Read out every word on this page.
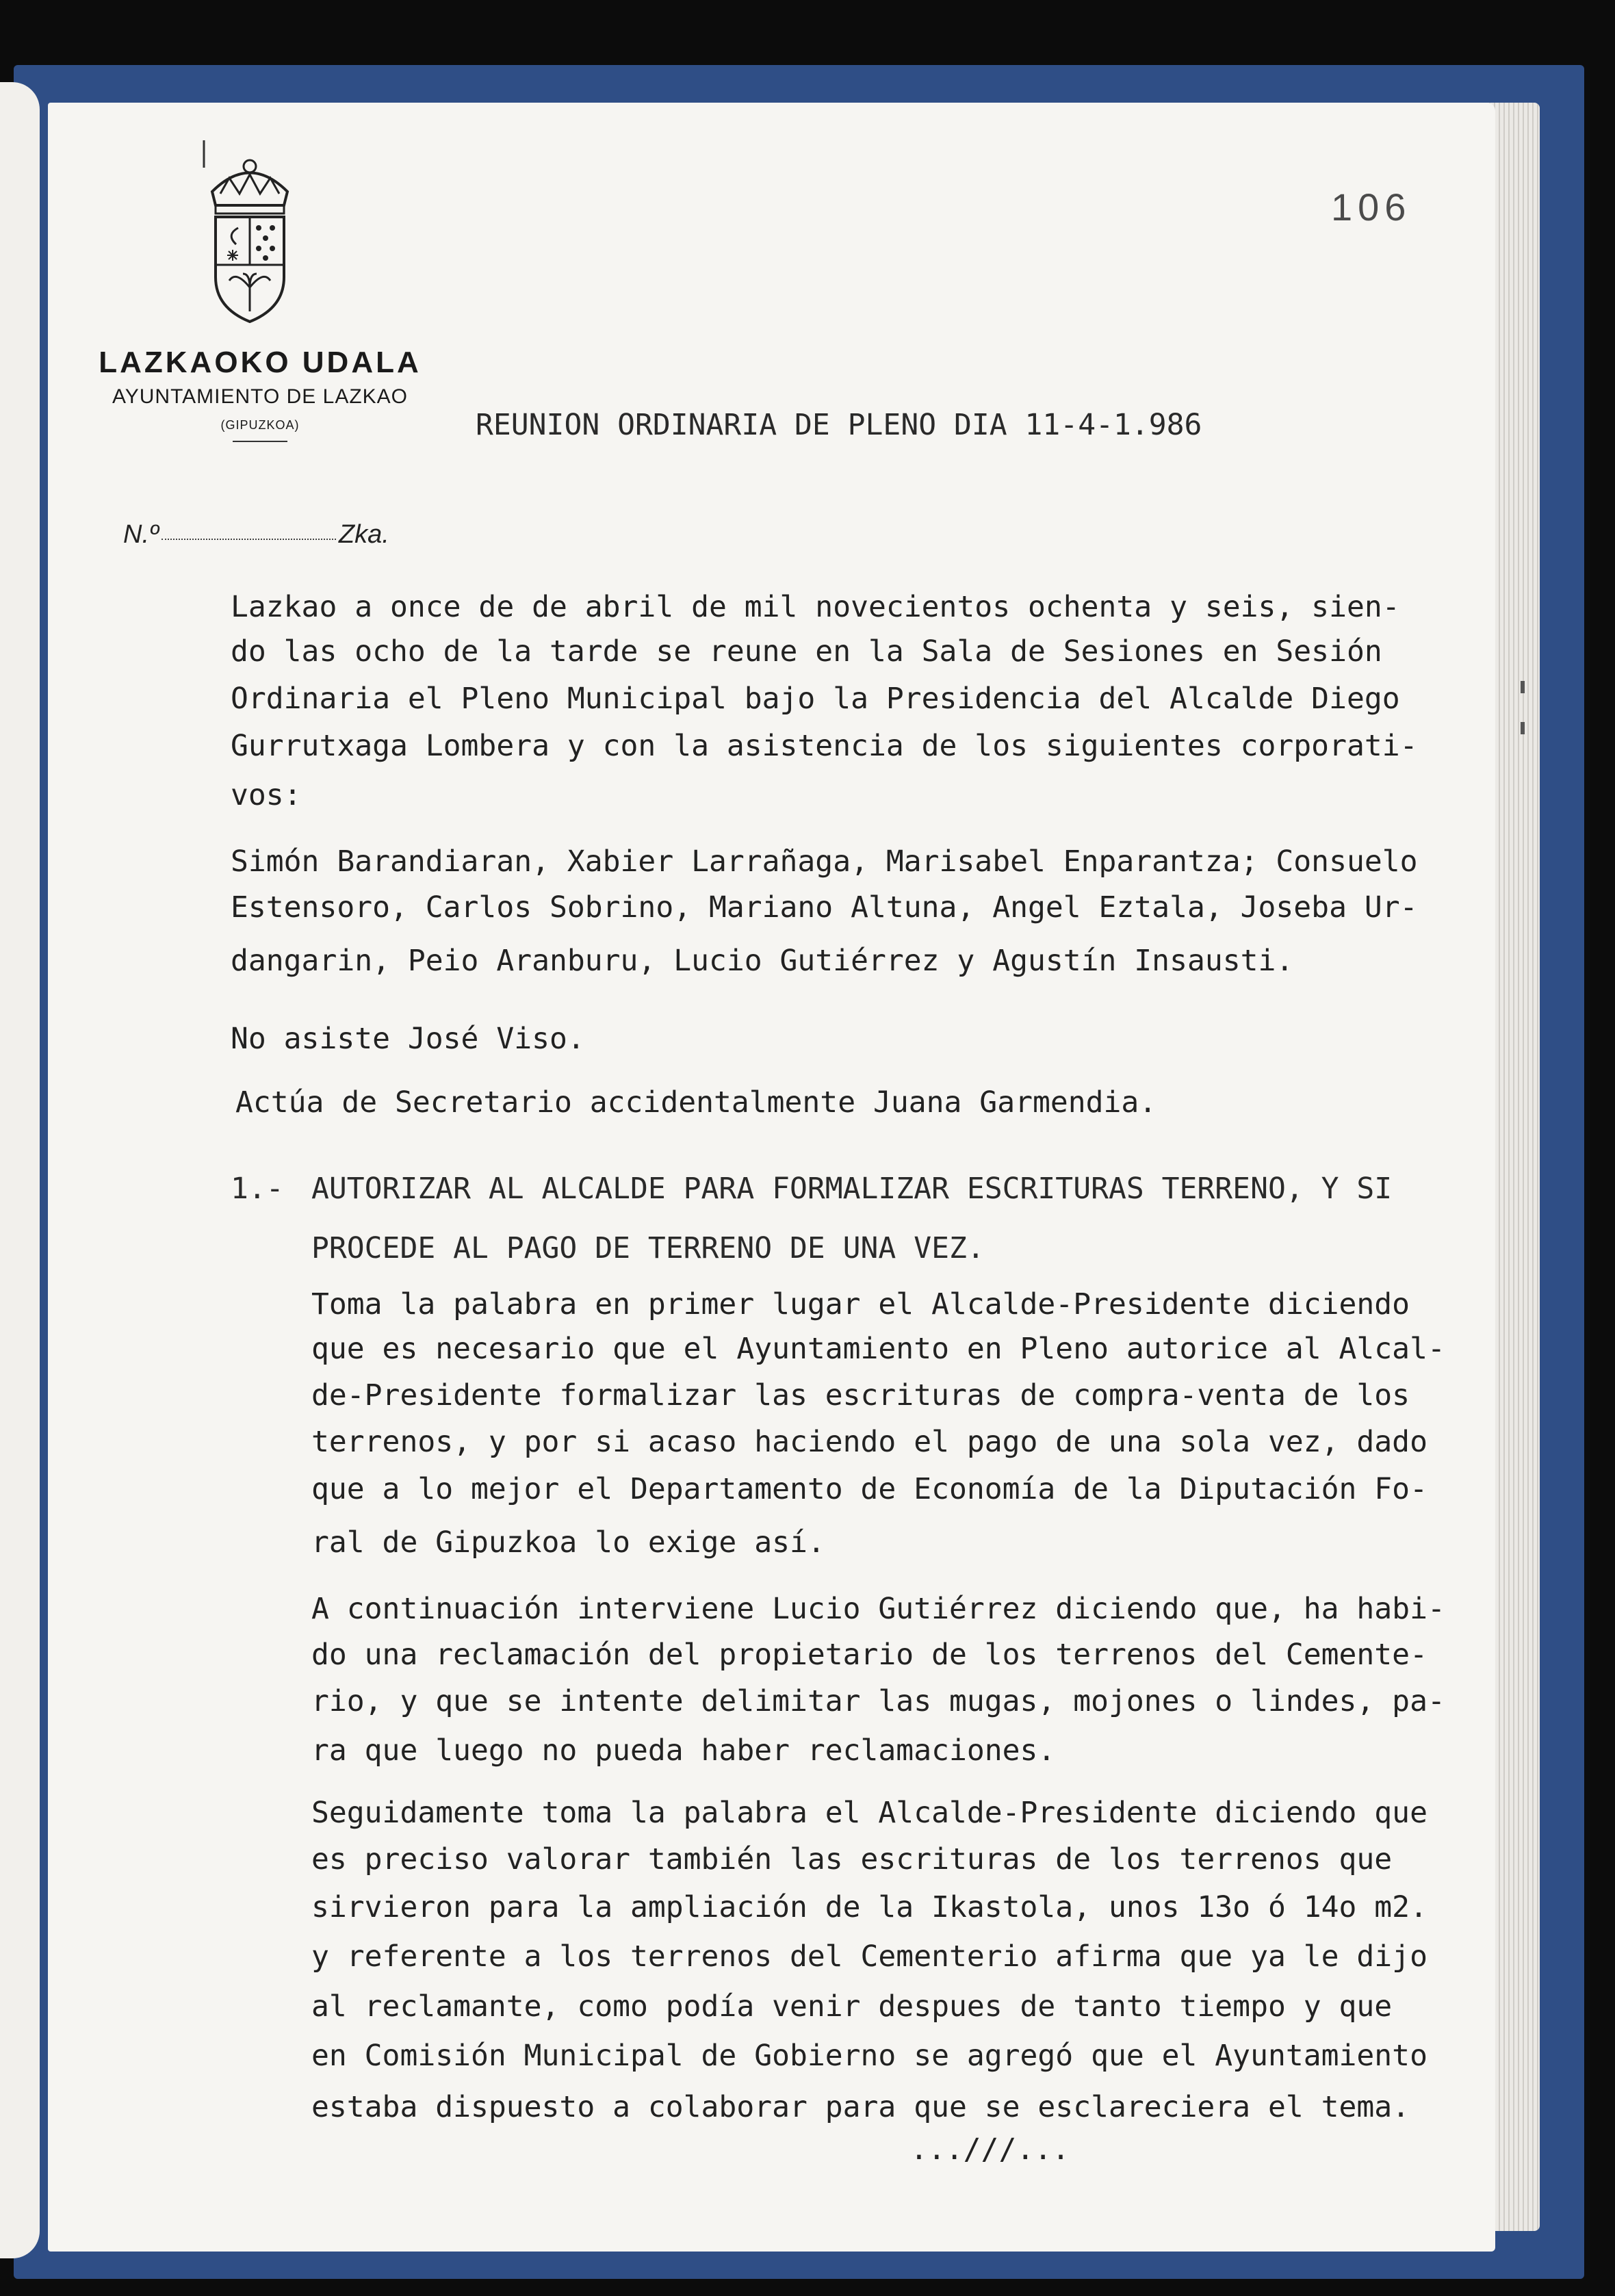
106
LAZKAOKO UDALA
AYUNTAMIENTO DE LAZKAO
(GIPUZKOA)
N.º	Zka.
REUNION ORDINARIA DE PLENO DIA 11-4-1.986
Lazkao a once de de abril de mil novecientos ochenta y seis, sien-
do las ocho de la tarde se reune en la Sala de Sesiones en Sesión
Ordinaria el Pleno Municipal bajo la Presidencia del Alcalde Diego
Gurrutxaga Lombera y con la asistencia de los siguientes corporati-
vos:
Simón Barandiaran, Xabier Larrañaga, Marisabel Enparantza; Consuelo
Estensoro, Carlos Sobrino, Mariano Altuna, Angel Eztala, Joseba Ur-
dangarin, Peio Aranburu, Lucio Gutiérrez y Agustín Insausti.
No asiste José Viso.
Actúa de Secretario accidentalmente Juana Garmendia.
1.- AUTORIZAR AL ALCALDE PARA FORMALIZAR ESCRITURAS TERRENO, Y SI
PROCEDE AL PAGO DE TERRENO DE UNA VEZ.
Toma la palabra en primer lugar el Alcalde-Presidente diciendo
que es necesario que el Ayuntamiento en Pleno autorice al Alcal-
de-Presidente formalizar las escrituras de compra-venta de los
terrenos, y por si acaso haciendo el pago de una sola vez, dado
que a lo mejor el Departamento de Economía de la Diputación Fo-
ral de Gipuzkoa lo exige así.
A continuación interviene Lucio Gutiérrez diciendo que, ha habi-
do una reclamación del propietario de los terrenos del Cemente-
rio, y que se intente delimitar las mugas, mojones o lindes, pa-
ra que luego no pueda haber reclamaciones.
Seguidamente toma la palabra el Alcalde-Presidente diciendo que
es preciso valorar también las escrituras de los terrenos que
sirvieron para la ampliación de la Ikastola, unos 13o ó 14o m2.
y referente a los terrenos del Cementerio afirma que ya le dijo
al reclamante, como podía venir despues de tanto tiempo y que
en Comisión Municipal de Gobierno se agregó que el Ayuntamiento
estaba dispuesto a colaborar para que se esclareciera el tema.
...///...
